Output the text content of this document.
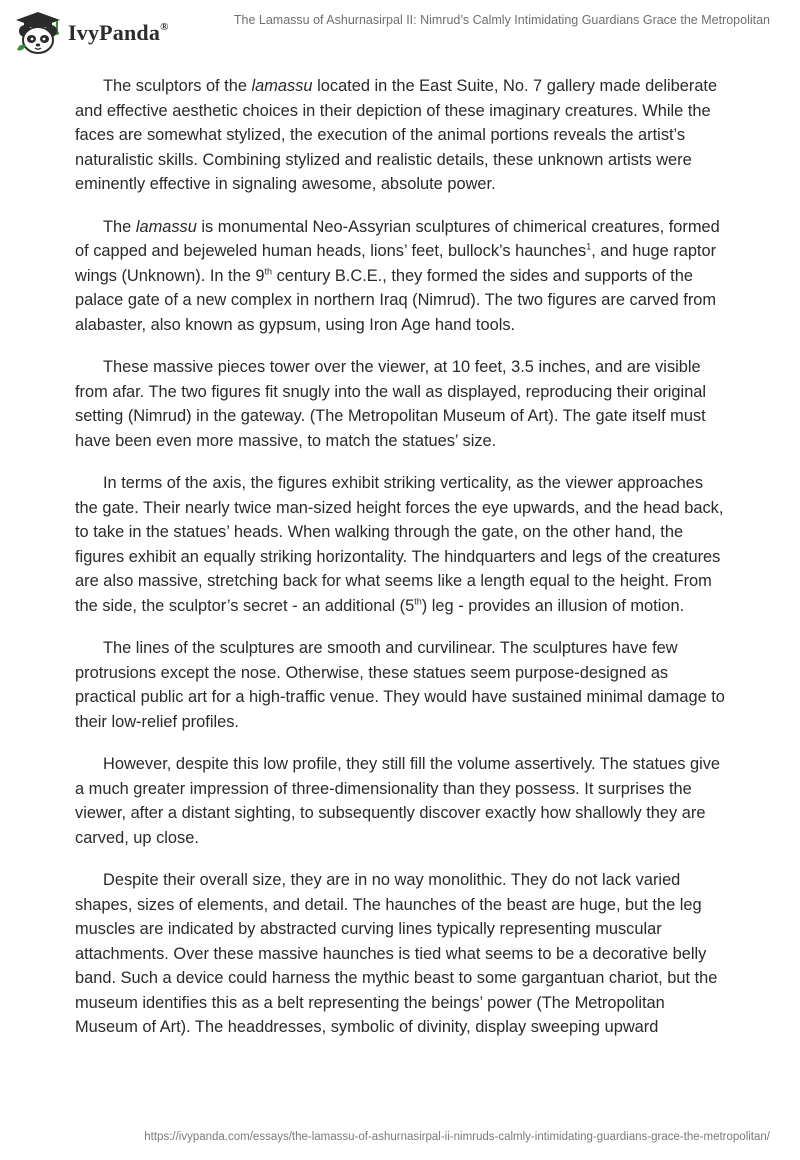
IvyPanda®	The Lamassu of Ashurnasirpal II: Nimrud’s Calmly Intimidating Guardians Grace the Metropolitan

The sculptors of the lamassu located in the East Suite, No. 7 gallery made deliberate and effective aesthetic choices in their depiction of these imaginary creatures. While the faces are somewhat stylized, the execution of the animal portions reveals the artist’s naturalistic skills. Combining stylized and realistic details, these unknown artists were eminently effective in signaling awesome, absolute power.

The lamassu is monumental Neo-Assyrian sculptures of chimerical creatures, formed of capped and bejeweled human heads, lions’ feet, bullock’s haunches$^1$, and huge raptor wings (Unknown). In the 9th century B.C.E., they formed the sides and supports of the palace gate of a new complex in northern Iraq (Nimrud). The two figures are carved from alabaster, also known as gypsum, using Iron Age hand tools.

These massive pieces tower over the viewer, at 10 feet, 3.5 inches, and are visible from afar. The two figures fit snugly into the wall as displayed, reproducing their original setting (Nimrud) in the gateway. (The Metropolitan Museum of Art). The gate itself must have been even more massive, to match the statues’ size.

In terms of the axis, the figures exhibit striking verticality, as the viewer approaches the gate. Their nearly twice man-sized height forces the eye upwards, and the head back, to take in the statues’ heads. When walking through the gate, on the other hand, the figures exhibit an equally striking horizontality. The hindquarters and legs of the creatures are also massive, stretching back for what seems like a length equal to the height. From the side, the sculptor’s secret - an additional (5th) leg - provides an illusion of motion.

The lines of the sculptures are smooth and curvilinear. The sculptures have few protrusions except the nose. Otherwise, these statues seem purpose-designed as practical public art for a high-traffic venue. They would have sustained minimal damage to their low-relief profiles.

However, despite this low profile, they still fill the volume assertively. The statues give a much greater impression of three-dimensionality than they possess. It surprises the viewer, after a distant sighting, to subsequently discover exactly how shallowly they are carved, up close.

Despite their overall size, they are in no way monolithic. They do not lack varied shapes, sizes of elements, and detail. The haunches of the beast are huge, but the leg muscles are indicated by abstracted curving lines typically representing muscular attachments. Over these massive haunches is tied what seems to be a decorative belly band. Such a device could harness the mythic beast to some gargantuan chariot, but the museum identifies this as a belt representing the beings’ power (The Metropolitan Museum of Art). The headdresses, symbolic of divinity, display sweeping upward

https://ivypanda.com/essays/the-lamassu-of-ashurnasirpal-ii-nimruds-calmly-intimidating-guardians-grace-the-metropolitan/
